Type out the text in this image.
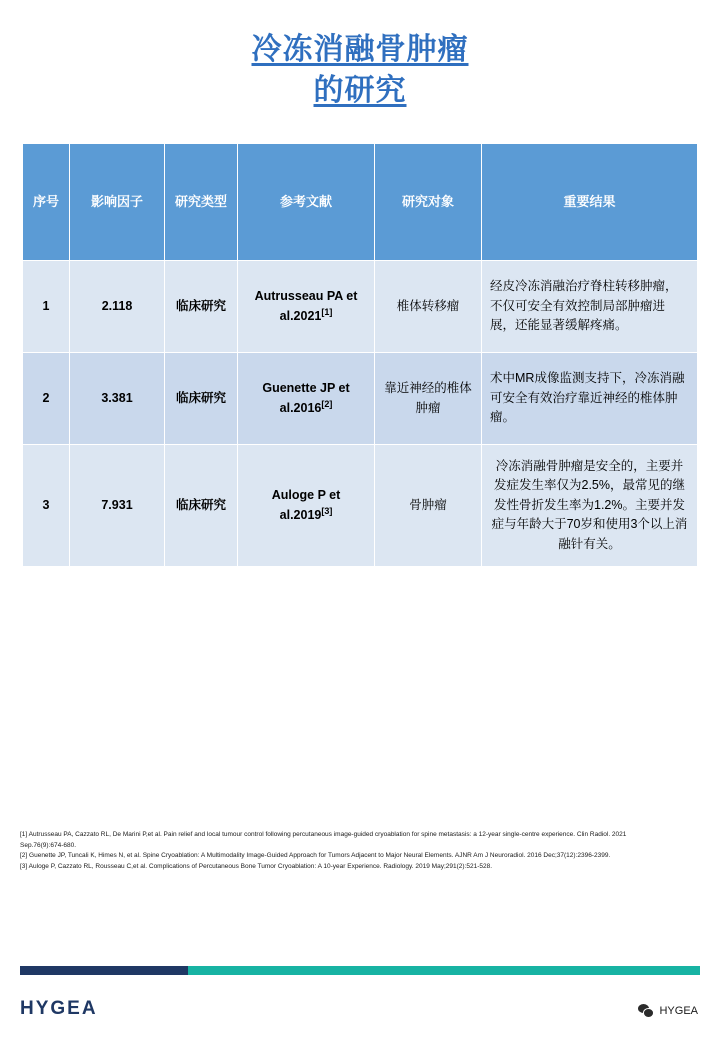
冷冻消融骨肿瘤
的研究
序号	影响因子	研究类型	参考文献	研究对象	重要结果
1	2.118	临床研究	Autrusseau PA et al.2021[1]	椎体转移瘤	经皮冷冻消融治疗脊柱转移肿瘤，不仅可安全有效控制局部肿瘤进展，还能显著缓解疼痛。
2	3.381	临床研究	Guenette JP et al.2016[2]	靠近神经的椎体肿瘤	术中MR成像监测支持下，冷冻消融可安全有效治疗靠近神经的椎体肿瘤。
3	7.931	临床研究	Auloge P et al.2019[3]	骨肿瘤	冷冻消融骨肿瘤是安全的，主要并发症发生率仅为2.5%，最常见的继发性骨折发生率为1.2%。主要并发症与年龄大于70岁和使用3个以上消融针有关。
[1] Autrusseau PA, Cazzato RL, De Marini P,et al. Pain relief and local tumour control following percutaneous image-guided cryoablation for spine metastasis: a 12-year single-centre experience. Clin Radiol. 2021
Sep.76(9):674-680.
[2] Guenette JP, Tuncali K, Himes N, et al. Spine Cryoablation: A Multimodality Image-Guided Approach for Tumors Adjacent to Major Neural Elements. AJNR Am J Neuroradiol. 2016 Dec;37(12):2396-2399.
[3] Auloge P, Cazzato RL, Rousseau C,et al. Complications of Percutaneous Bone Tumor Cryoablation: A 10-year Experience. Radiology. 2019 May;291(2):521-528.
HYGEA	HYGEA
